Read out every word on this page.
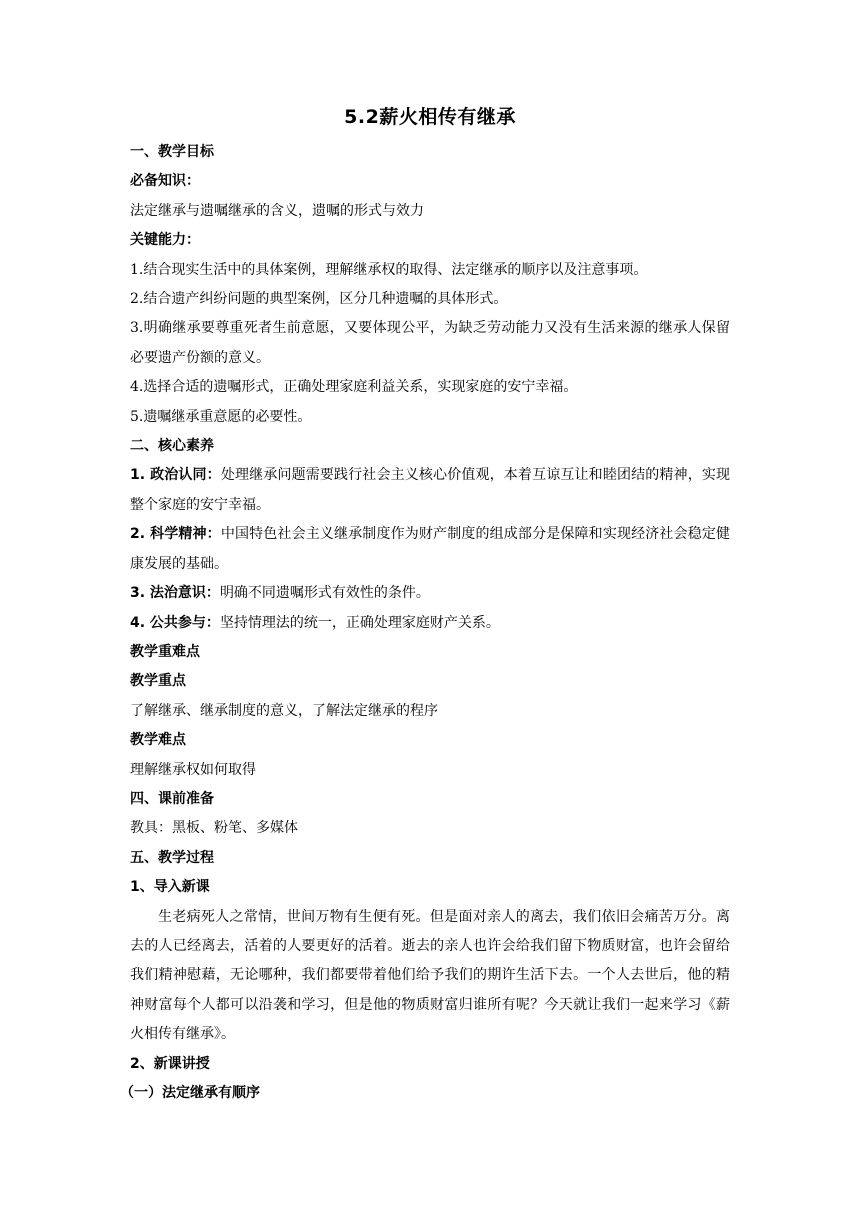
5.2薪火相传有继承

一、教学目标

必备知识：

法定继承与遗嘱继承的含义，遗嘱的形式与效力

关键能力：

1.结合现实生活中的具体案例，理解继承权的取得、法定继承的顺序以及注意事项。

2.结合遗产纠纷问题的典型案例，区分几种遗嘱的具体形式。

3.明确继承要尊重死者生前意愿，又要体现公平，为缺乏劳动能力又没有生活来源的继承人保留必要遗产份额的意义。

4.选择合适的遗嘱形式，正确处理家庭利益关系，实现家庭的安宁幸福。

5.遗嘱继承重意愿的必要性。

二、核心素养

1. 政治认同：处理继承问题需要践行社会主义核心价值观，本着互谅互让和睦团结的精神，实现整个家庭的安宁幸福。

2. 科学精神：中国特色社会主义继承制度作为财产制度的组成部分是保障和实现经济社会稳定健康发展的基础。

3. 法治意识：明确不同遗嘱形式有效性的条件。

4. 公共参与：坚持情理法的统一，正确处理家庭财产关系。

教学重难点

教学重点

了解继承、继承制度的意义，了解法定继承的程序

教学难点

理解继承权如何取得

四、课前准备

教具：黑板、粉笔、多媒体

五、教学过程

1、导入新课

生老病死人之常情，世间万物有生便有死。但是面对亲人的离去，我们依旧会痛苦万分。离去的人已经离去，活着的人要更好的活着。逝去的亲人也许会给我们留下物质财富，也许会留给我们精神慰藉，无论哪种，我们都要带着他们给予我们的期许生活下去。一个人去世后，他的精神财富每个人都可以沿袭和学习，但是他的物质财富归谁所有呢？今天就让我们一起来学习《薪火相传有继承》。

2、新课讲授

（一）法定继承有顺序
